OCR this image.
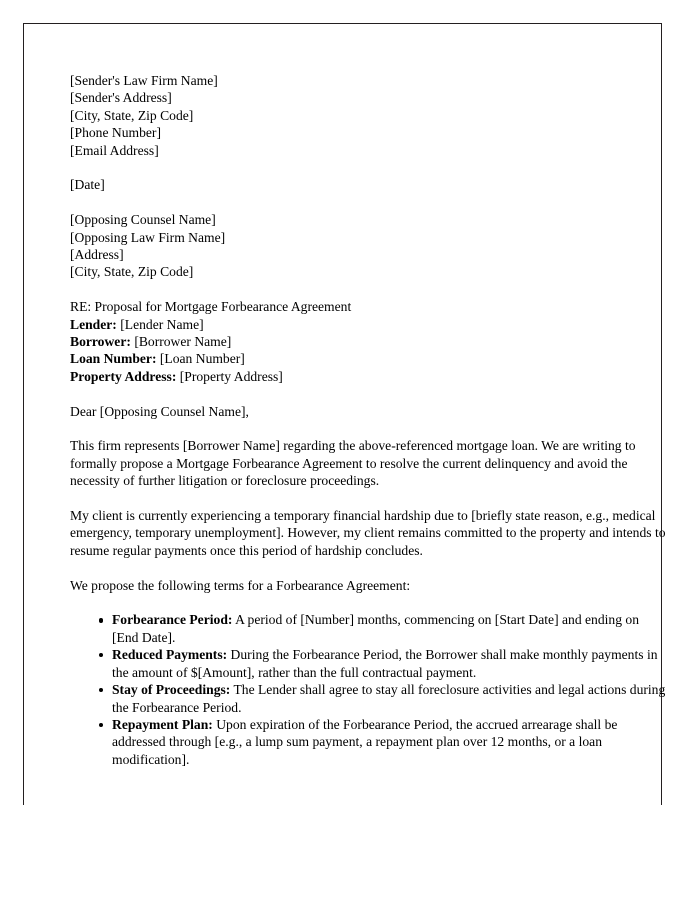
[Sender's Law Firm Name]
[Sender's Address]
[City, State, Zip Code]
[Phone Number]
[Email Address]
[Date]
[Opposing Counsel Name]
[Opposing Law Firm Name]
[Address]
[City, State, Zip Code]
RE: Proposal for Mortgage Forbearance Agreement
Lender: [Lender Name]
Borrower: [Borrower Name]
Loan Number: [Loan Number]
Property Address: [Property Address]

Dear [Opposing Counsel Name],

This firm represents [Borrower Name] regarding the above-referenced mortgage loan. We are writing to formally propose a Mortgage Forbearance Agreement to resolve the current delinquency and avoid the necessity of further litigation or foreclosure proceedings.

My client is currently experiencing a temporary financial hardship due to [briefly state reason, e.g., medical emergency, temporary unemployment]. However, my client remains committed to the property and intends to resume regular payments once this period of hardship concludes.

We propose the following terms for a Forbearance Agreement:

Forbearance Period: A period of [Number] months, commencing on [Start Date] and ending on [End Date].
Reduced Payments: During the Forbearance Period, the Borrower shall make monthly payments in the amount of $[Amount], rather than the full contractual payment.
Stay of Proceedings: The Lender shall agree to stay all foreclosure activities and legal actions during the Forbearance Period.
Repayment Plan: Upon expiration of the Forbearance Period, the accrued arrearage shall be addressed through [e.g., a lump sum payment, a repayment plan over 12 months, or a loan modification].
